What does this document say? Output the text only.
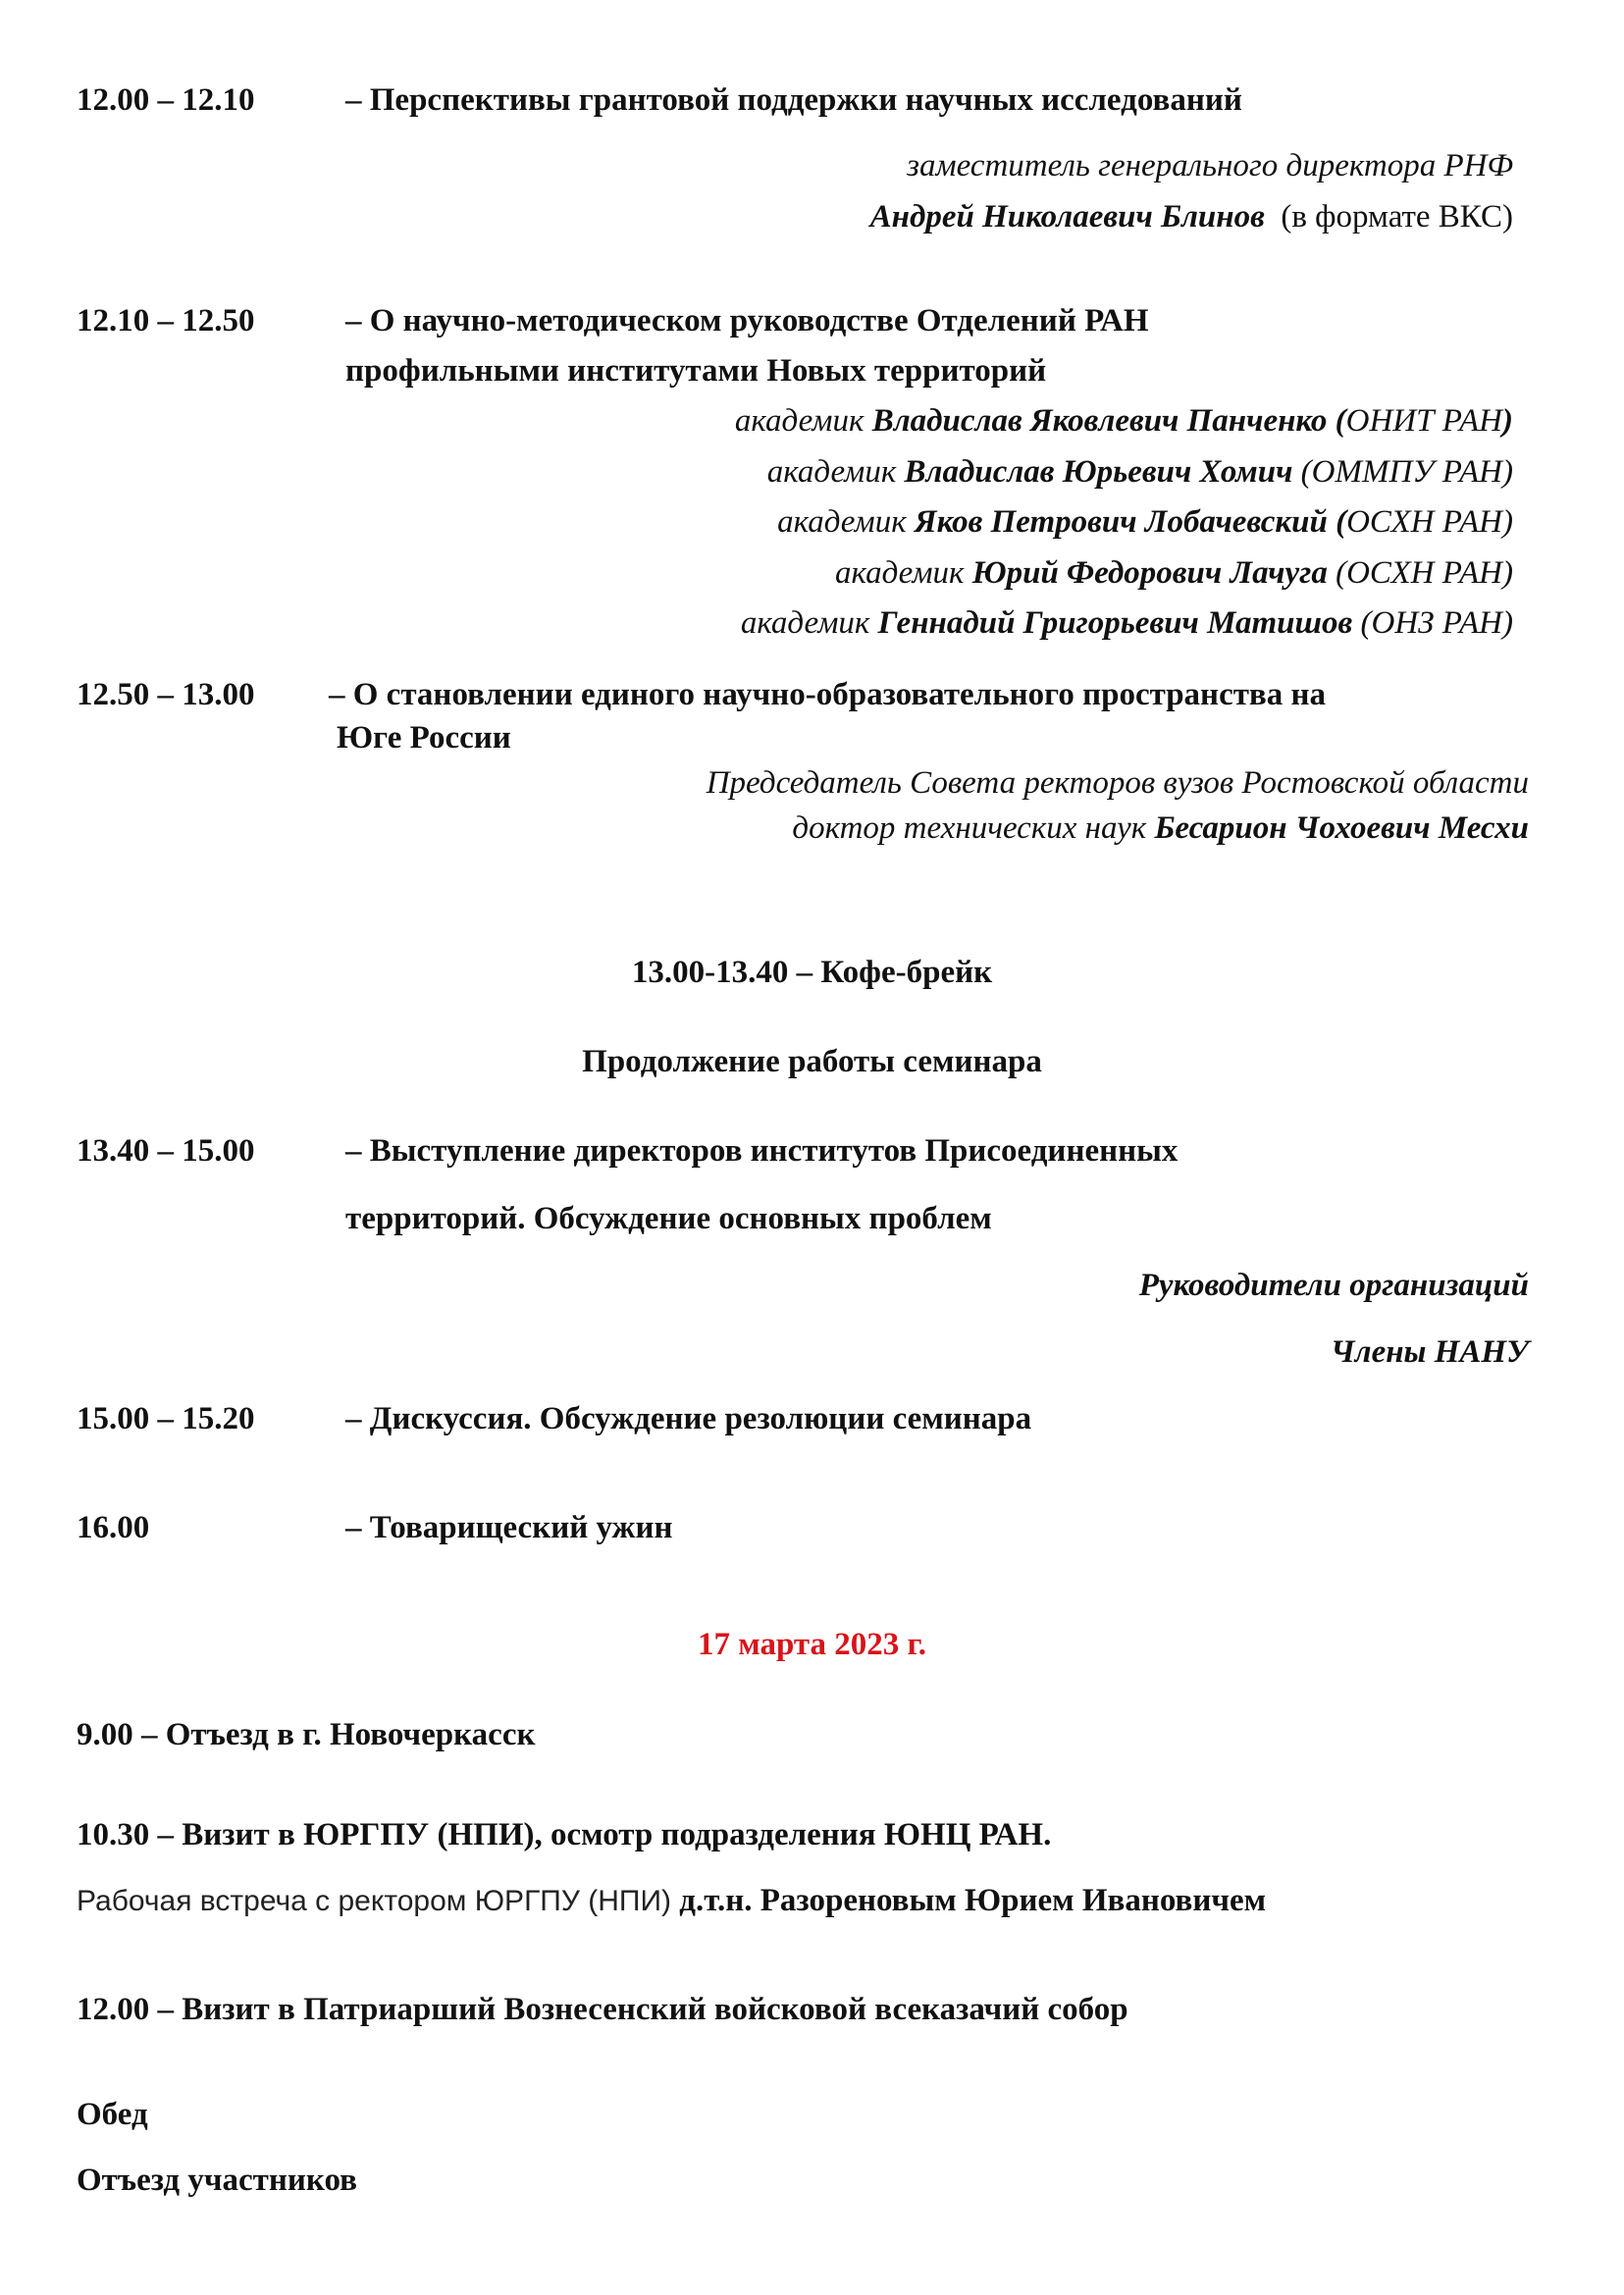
12.00 – 12.10	– Перспективы грантовой поддержки научных исследований
заместитель генерального директора РНФ
Андрей Николаевич Блинов (в формате ВКС)
12.10 – 12.50	– О научно-методическом руководстве Отделений РАН
профильными институтами Новых территорий
академик Владислав Яковлевич Панченко (ОНИТ РАН)
академик Владислав Юрьевич Хомич (ОММПУ РАН)
академик Яков Петрович Лобачевский (ОСХН РАН)
академик Юрий Федорович Лачуга (ОСХН РАН)
академик Геннадий Григорьевич Матишов (ОНЗ РАН)
12.50 – 13.00 – О становлении единого научно-образовательного пространства на
Юге России
Председатель Совета ректоров вузов Ростовской области
доктор технических наук Бесарион Чохоевич Месхи
13.00-13.40 – Кофе-брейк
Продолжение работы семинара
13.40 – 15.00	– Выступление директоров институтов Присоединенных
территорий. Обсуждение основных проблем
Руководители организаций
Члены НАНУ
15.00 – 15.20	– Дискуссия. Обсуждение резолюции семинара
16.00	– Товарищеский ужин
17 марта 2023 г.
9.00 – Отъезд в г. Новочеркасск
10.30 – Визит в ЮРГПУ (НПИ), осмотр подразделения ЮНЦ РАН.
Рабочая встреча с ректором ЮРГПУ (НПИ) д.т.н. Разореновым Юрием Ивановичем
12.00 – Визит в Патриарший Вознесенский войсковой всеказачий собор
Обед
Отъезд участников
